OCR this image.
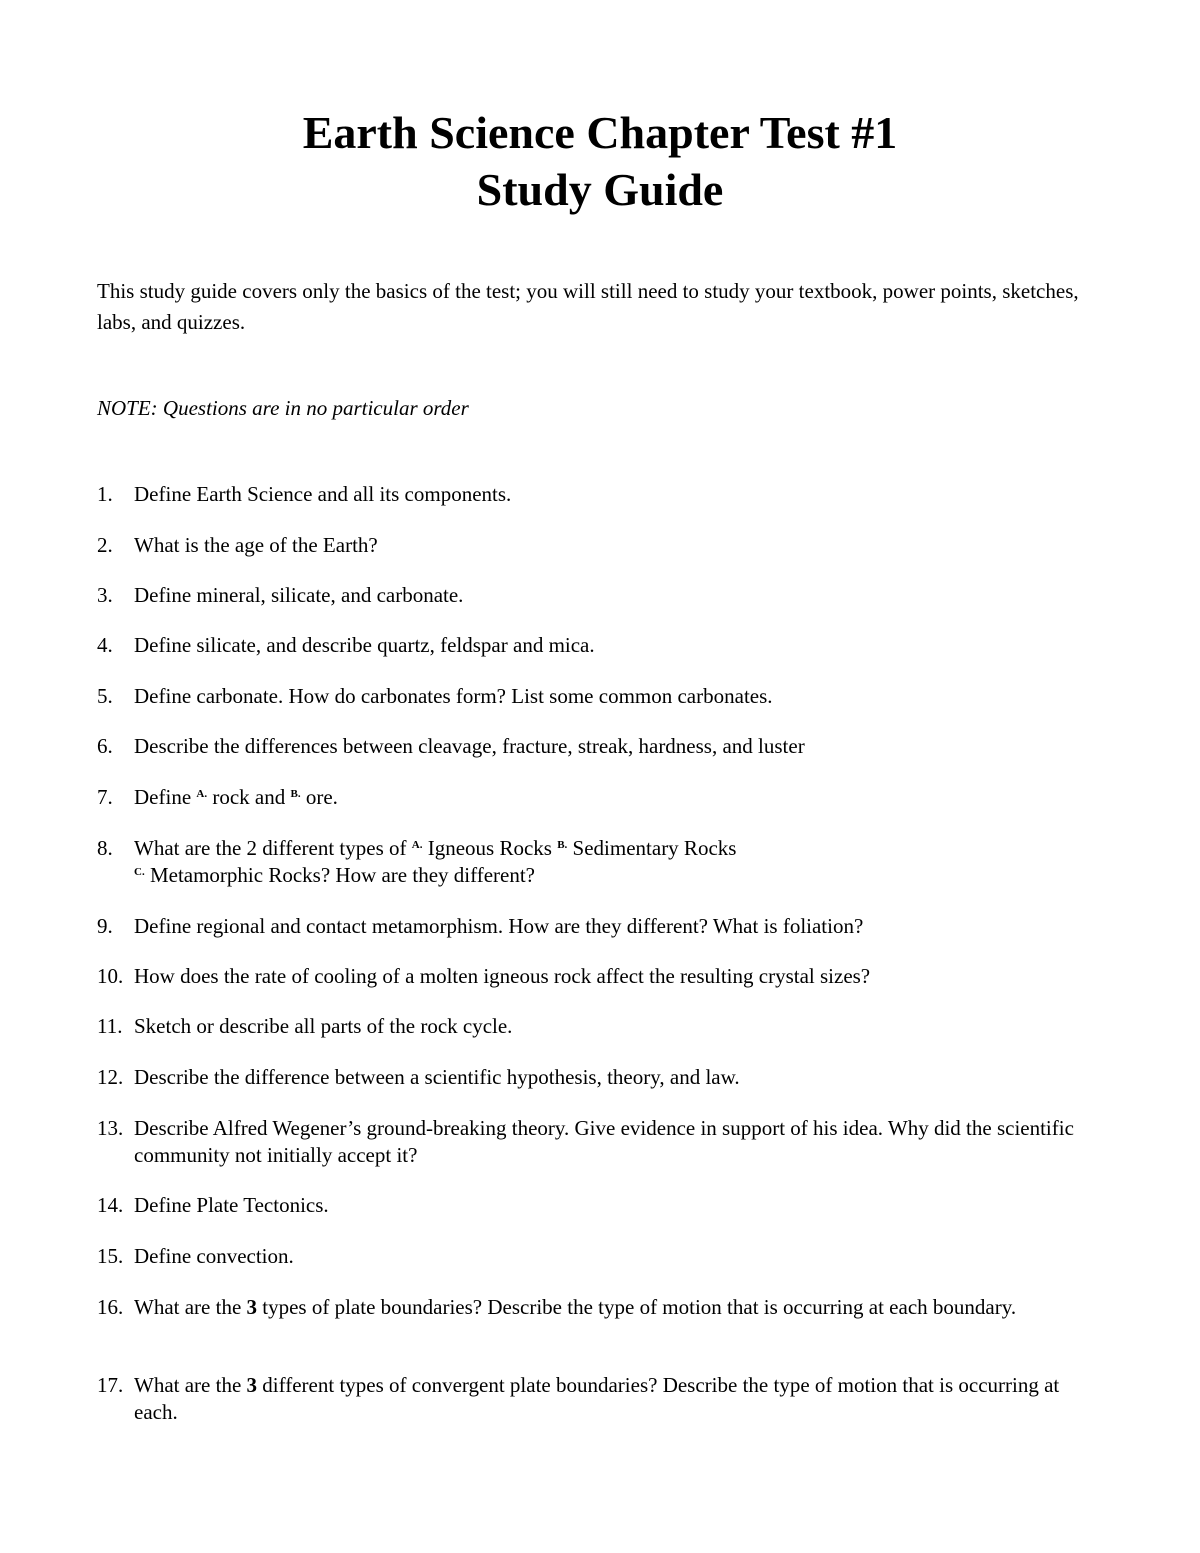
Earth Science Chapter Test #1
Study Guide

This study guide covers only the basics of the test; you will still need to study your textbook, power points, sketches, labs, and quizzes.

NOTE: Questions are in no particular order

1. Define Earth Science and all its components.
2. What is the age of the Earth?
3. Define mineral, silicate, and carbonate.
4. Define silicate, and describe quartz, feldspar and mica.
5. Define carbonate. How do carbonates form? List some common carbonates.
6. Describe the differences between cleavage, fracture, streak, hardness, and luster
7. Define $^{A.}$ rock and $^{B.}$ ore.
8. What are the 2 different types of $^{A.}$ Igneous Rocks $^{B.}$ Sedimentary Rocks
$^{C.}$ Metamorphic Rocks? How are they different?
9. Define regional and contact metamorphism. How are they different? What is foliation?
10. How does the rate of cooling of a molten igneous rock affect the resulting crystal sizes?
11. Sketch or describe all parts of the rock cycle.
12. Describe the difference between a scientific hypothesis, theory, and law.
13. Describe Alfred Wegener’s ground-breaking theory. Give evidence in support of his idea. Why did the scientific community not initially accept it?
14. Define Plate Tectonics.
15. Define convection.
16. What are the 3 types of plate boundaries? Describe the type of motion that is occurring at each boundary.
17. What are the 3 different types of convergent plate boundaries? Describe the type of motion that is occurring at each.
